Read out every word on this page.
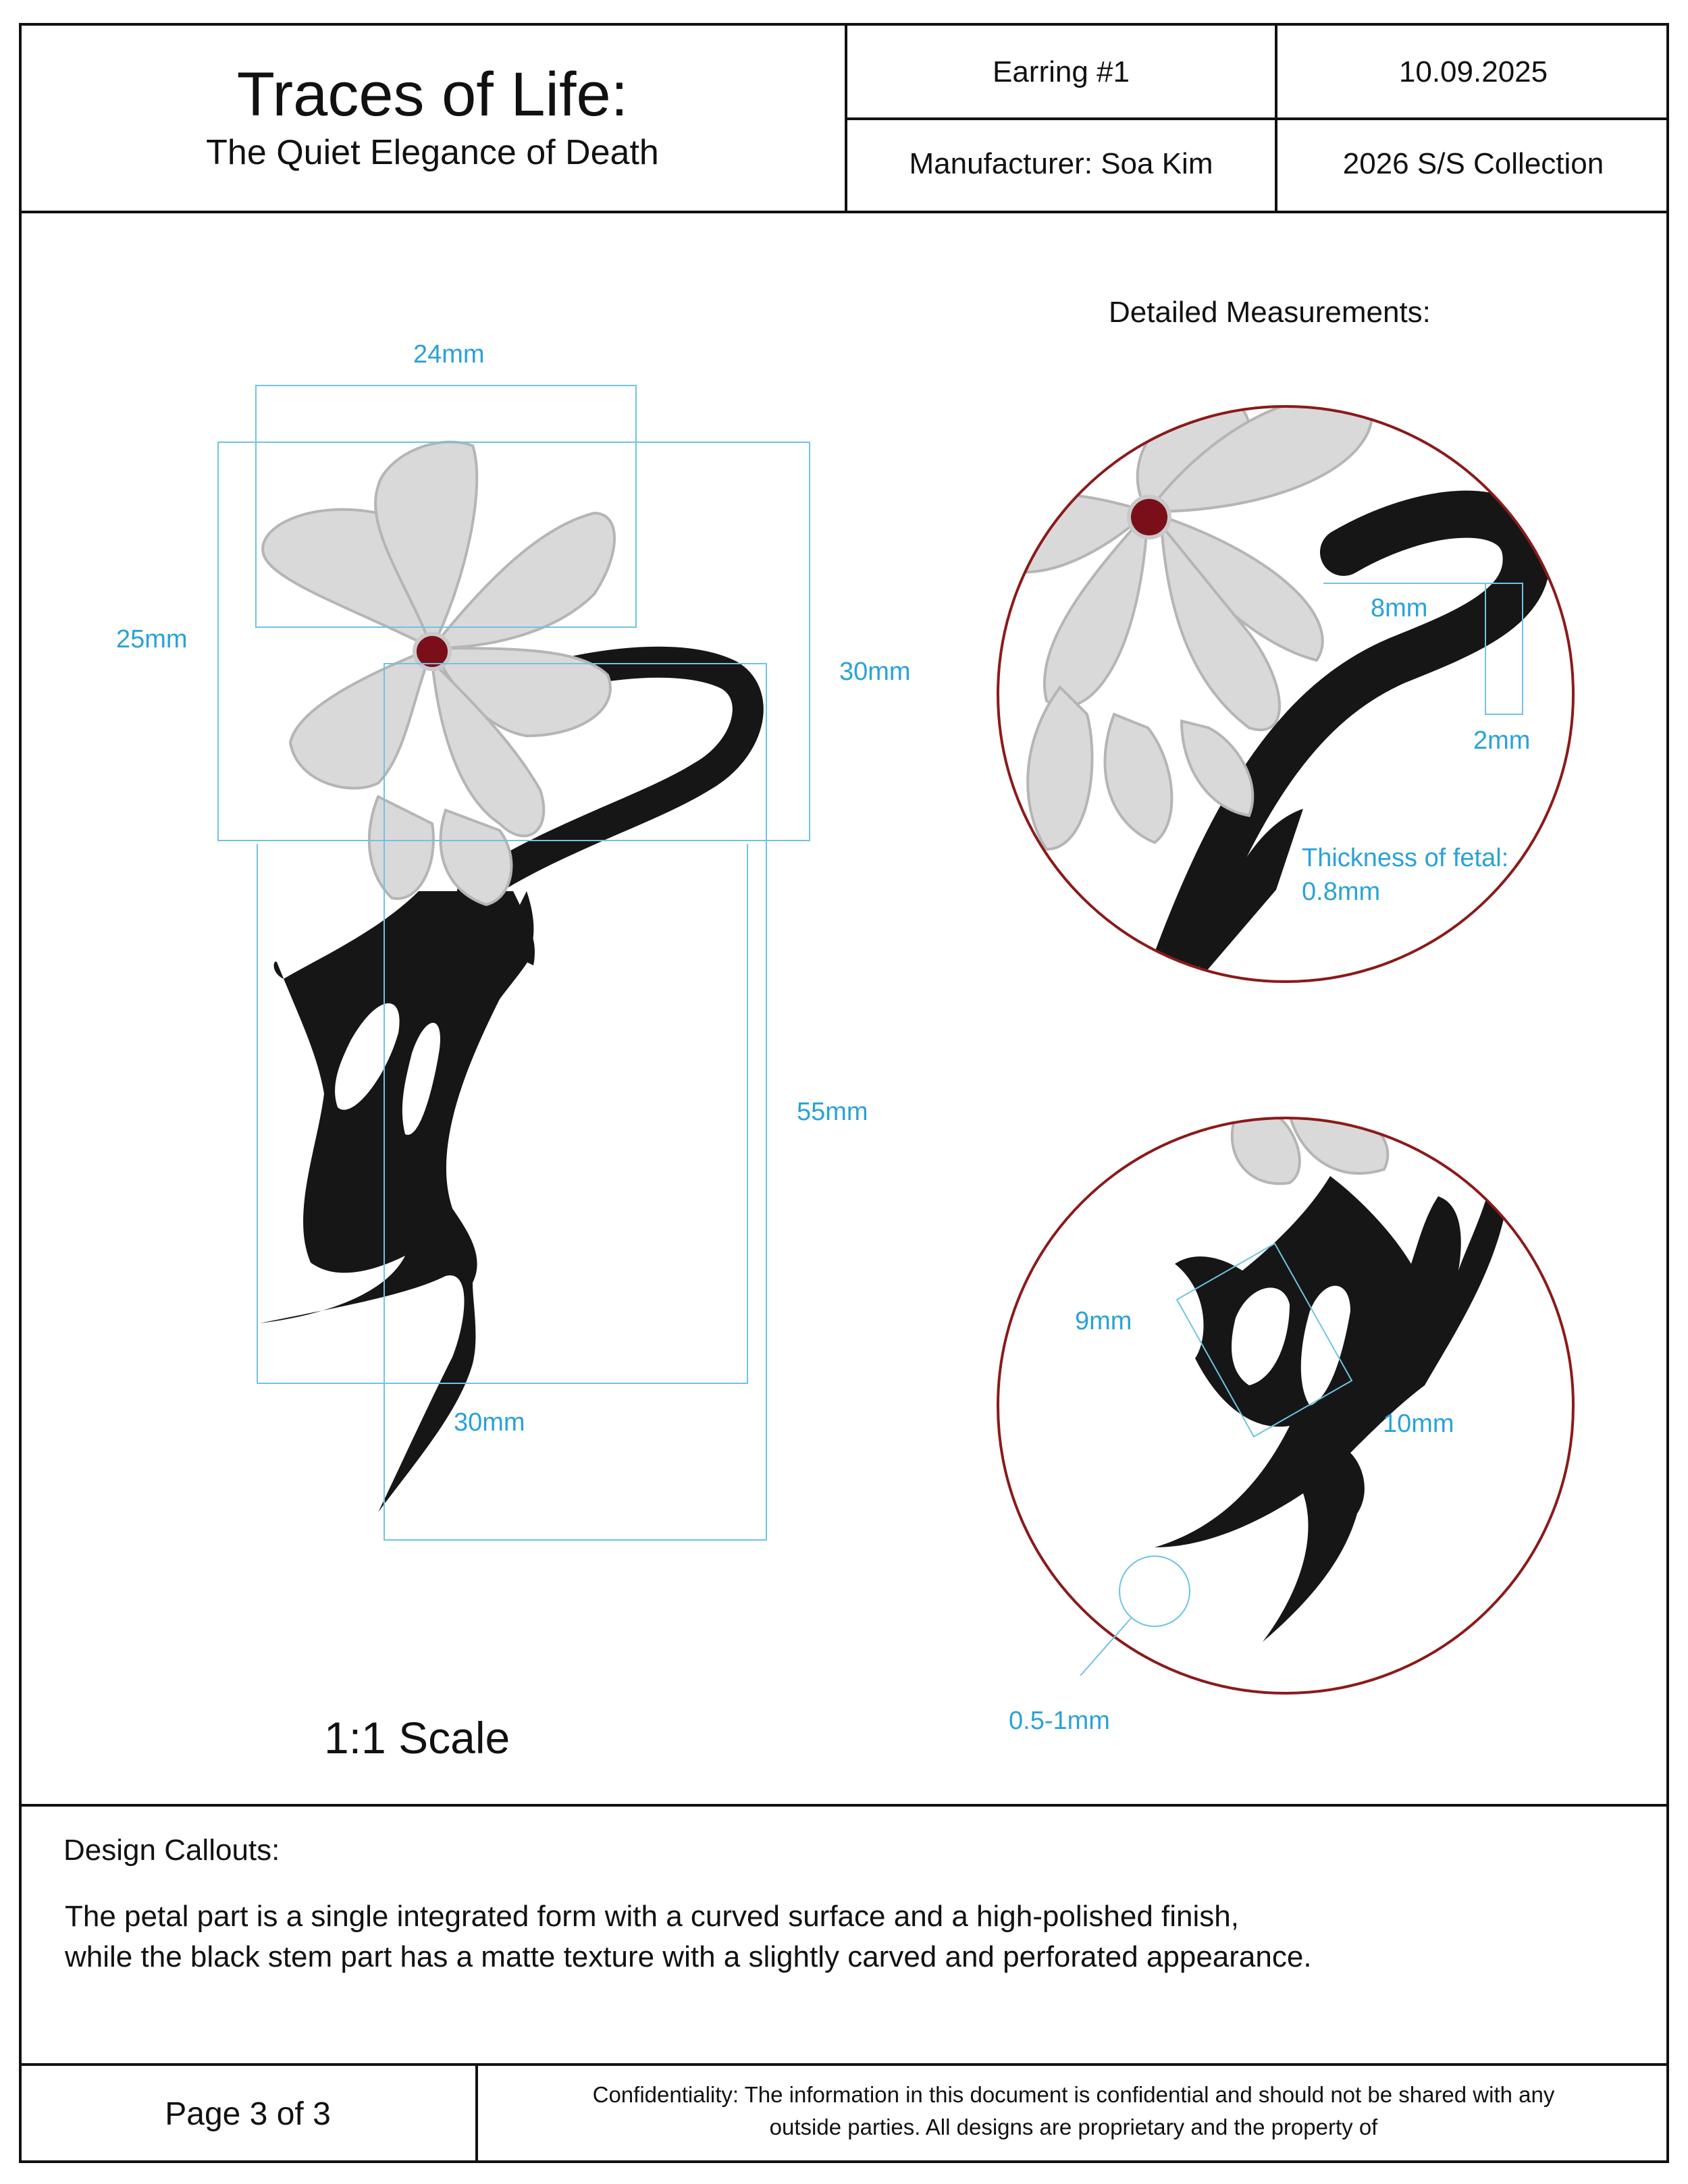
Traces of Life:
The Quiet Elegance of Death
Earring #1	10.09.2025
Manufacturer: Soa Kim	2026 S/S Collection
24mm
25mm
30mm
55mm
30mm
1:1 Scale
Detailed Measurements:
8mm
2mm
Thickness of fetal:
0.8mm
9mm
10mm
0.5-1mm
Design Callouts:
The petal part is a single integrated form with a curved surface and a high-polished finish,
while the black stem part has a matte texture with a slightly carved and perforated appearance.
Page 3 of 3
Confidentiality: The information in this document is confidential and should not be shared with any
outside parties. All designs are proprietary and the property of
